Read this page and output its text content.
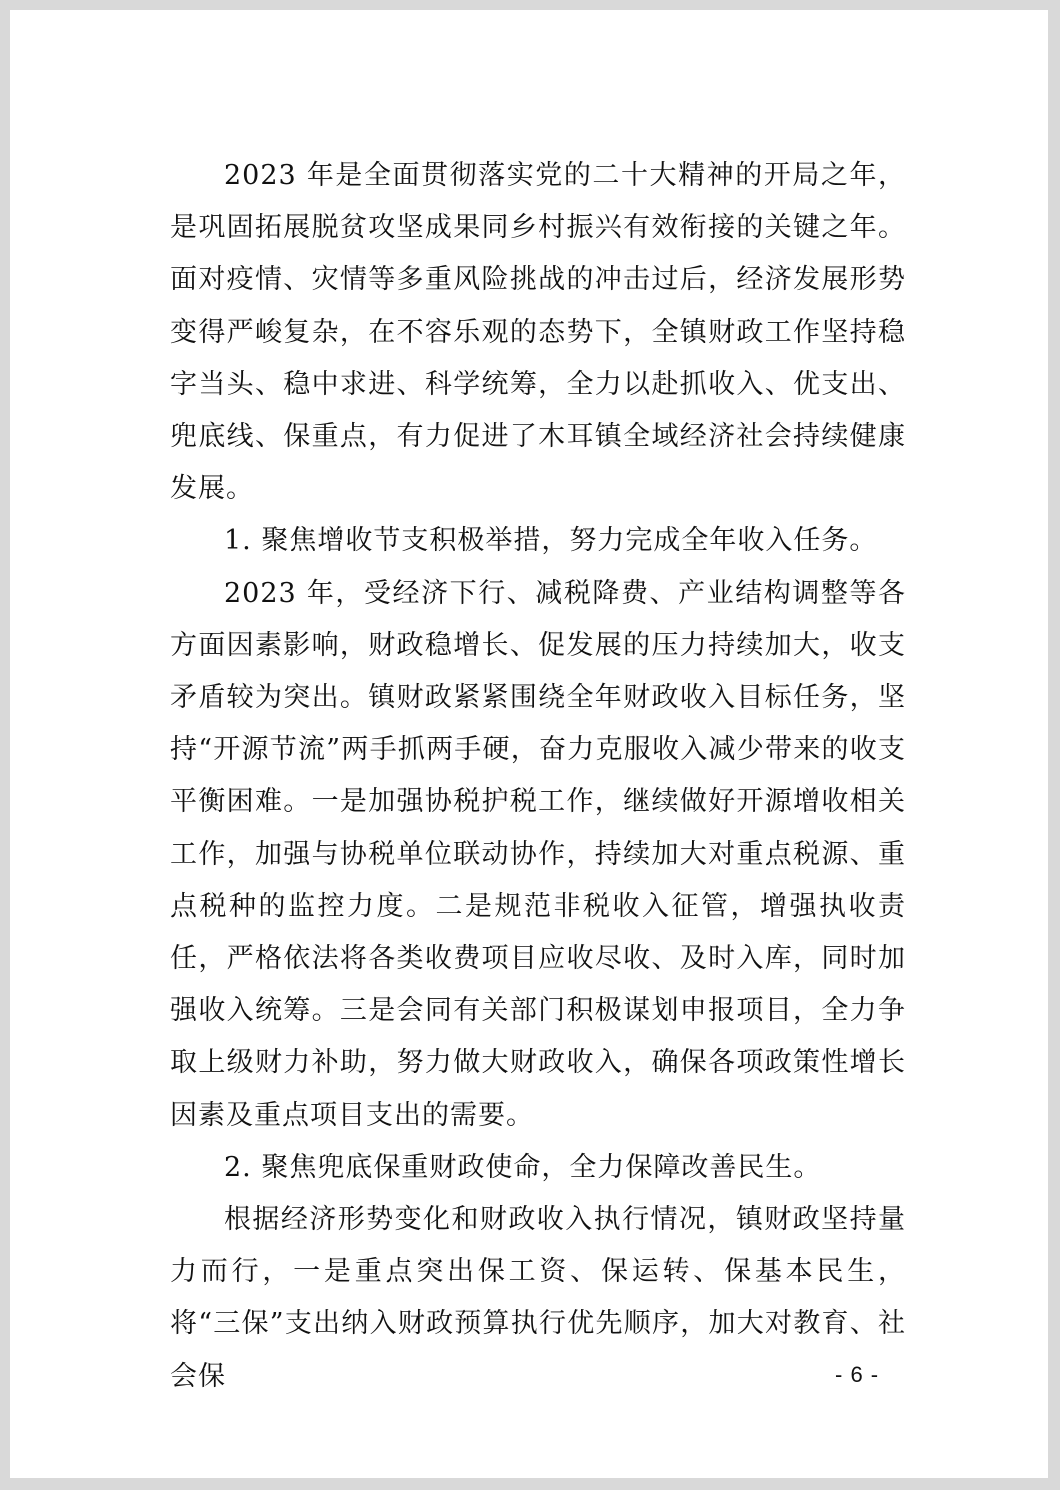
2023 年是全面贯彻落实党的二十大精神的开局之年，是巩固拓展脱贫攻坚成果同乡村振兴有效衔接的关键之年。面对疫情、灾情等多重风险挑战的冲击过后，经济发展形势变得严峻复杂，在不容乐观的态势下，全镇财政工作坚持稳字当头、稳中求进、科学统筹，全力以赴抓收入、优支出、兜底线、保重点，有力促进了木耳镇全域经济社会持续健康发展。

1. 聚焦增收节支积极举措，努力完成全年收入任务。

2023 年，受经济下行、减税降费、产业结构调整等各方面因素影响，财政稳增长、促发展的压力持续加大，收支矛盾较为突出。镇财政紧紧围绕全年财政收入目标任务，坚持“开源节流”两手抓两手硬，奋力克服收入减少带来的收支平衡困难。一是加强协税护税工作，继续做好开源增收相关工作，加强与协税单位联动协作，持续加大对重点税源、重点税种的监控力度。二是规范非税收入征管，增强执收责任，严格依法将各类收费项目应收尽收、及时入库，同时加强收入统筹。三是会同有关部门积极谋划申报项目，全力争取上级财力补助，努力做大财政收入，确保各项政策性增长因素及重点项目支出的需要。

2. 聚焦兜底保重财政使命，全力保障改善民生。

根据经济形势变化和财政收入执行情况，镇财政坚持量力而行，一是重点突出保工资、保运转、保基本民生，将“三保”支出纳入财政预算执行优先顺序，加大对教育、社会保	- 6 -
